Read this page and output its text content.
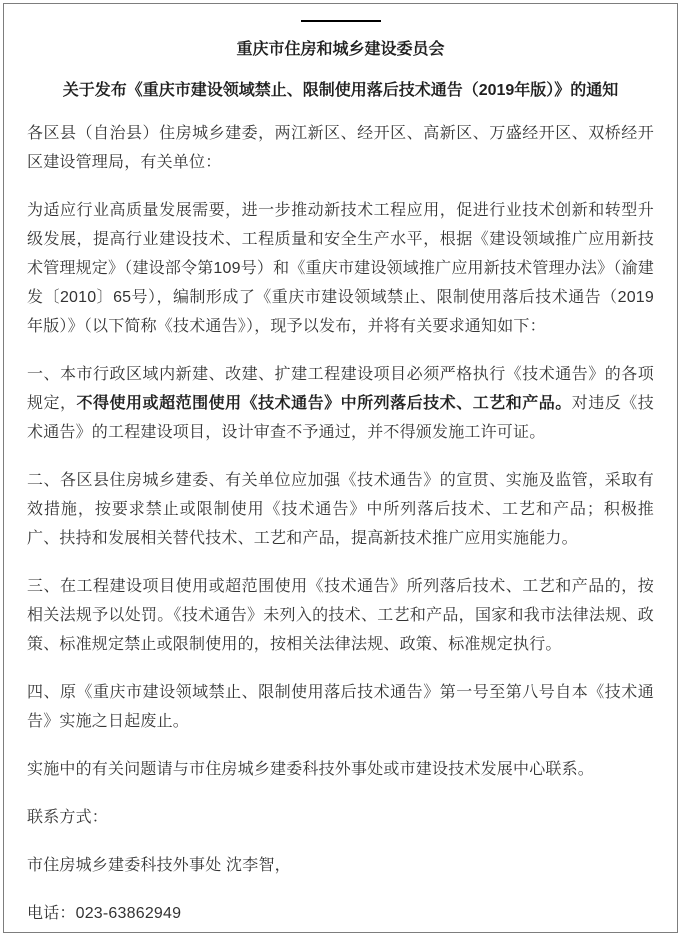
重庆市住房和城乡建设委员会
关于发布《重庆市建设领域禁止、限制使用落后技术通告（2019年版）》的通知

各区县（自治县）住房城乡建委，两江新区、经开区、高新区、万盛经开区、双桥经开区建设管理局，有关单位：

为适应行业高质量发展需要，进一步推动新技术工程应用，促进行业技术创新和转型升级发展，提高行业建设技术、工程质量和安全生产水平，根据《建设领域推广应用新技术管理规定》（建设部令第109号）和《重庆市建设领域推广应用新技术管理办法》（渝建发〔2010〕65号），编制形成了《重庆市建设领域禁止、限制使用落后技术通告（2019年版）》（以下简称《技术通告》），现予以发布，并将有关要求通知如下：

一、本市行政区域内新建、改建、扩建工程建设项目必须严格执行《技术通告》的各项规定，不得使用或超范围使用《技术通告》中所列落后技术、工艺和产品。对违反《技术通告》的工程建设项目，设计审查不予通过，并不得颁发施工许可证。

二、各区县住房城乡建委、有关单位应加强《技术通告》的宣贯、实施及监管，采取有效措施，按要求禁止或限制使用《技术通告》中所列落后技术、工艺和产品；积极推广、扶持和发展相关替代技术、工艺和产品，提高新技术推广应用实施能力。

三、在工程建设项目使用或超范围使用《技术通告》所列落后技术、工艺和产品的，按相关法规予以处罚。《技术通告》未列入的技术、工艺和产品，国家和我市法律法规、政策、标准规定禁止或限制使用的，按相关法律法规、政策、标准规定执行。

四、原《重庆市建设领域禁止、限制使用落后技术通告》第一号至第八号自本《技术通告》实施之日起废止。

实施中的有关问题请与市住房城乡建委科技外事处或市建设技术发展中心联系。

联系方式：

市住房城乡建委科技外事处 沈李智，

电话：023-63862949
